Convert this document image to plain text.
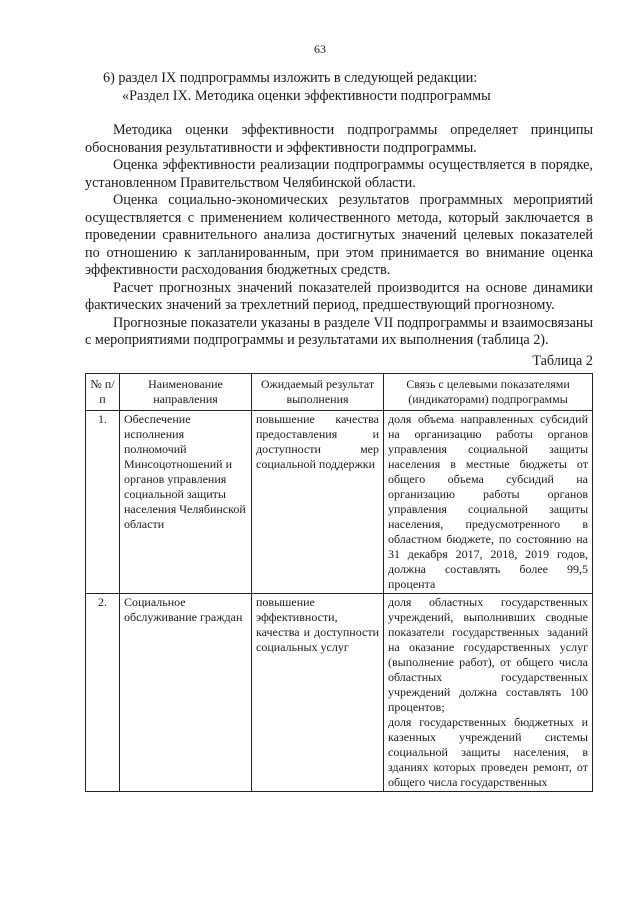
63

6) раздел IX подпрограммы изложить в следующей редакции:

«Раздел IX. Методика оценки эффективности подпрограммы

Методика оценки эффективности подпрограммы определяет принципы обоснования результативности и эффективности подпрограммы.

Оценка эффективности реализации подпрограммы осуществляется в порядке, установленном Правительством Челябинской области.

Оценка социально-экономических результатов программных мероприятий осуществляется с применением количественного метода, который заключается в проведении сравнительного анализа достигнутых значений целевых показателей по отношению к запланированным, при этом принимается во внимание оценка эффективности расходования бюджетных средств.

Расчет прогнозных значений показателей производится на основе динамики фактических значений за трехлетний период, предшествующий прогнозному.

Прогнозные показатели указаны в разделе VII подпрограммы и взаимосвязаны с мероприятиями подпрограммы и результатами их выполнения (таблица 2).

Таблица 2
№ п/п	Наименование направления	Ожидаемый результат выполнения	Связь с целевыми показателями (индикаторами) подпрограммы
1.	Обеспечение исполнения полномочий Минсоцотношений и органов управления социальной защиты населения Челябинской области	повышение качества предоставления и доступности мер социальной поддержки	доля объема направленных субсидий на организацию работы органов управления социальной защиты населения в местные бюджеты от общего объема субсидий на организацию работы органов управления социальной защиты населения, предусмотренного в областном бюджете, по состоянию на 31 декабря 2017, 2018, 2019 годов, должна составлять более 99,5 процента
2.	Социальное обслуживание граждан	повышение эффективности, качества и доступности социальных услуг	доля областных государственных учреждений, выполнивших сводные показатели государственных заданий на оказание государственных услуг (выполнение работ), от общего числа областных государственных учреждений должна составлять 100 процентов;
доля государственных бюджетных и казенных учреждений системы социальной защиты населения, в зданиях которых проведен ремонт, от общего числа государственных
